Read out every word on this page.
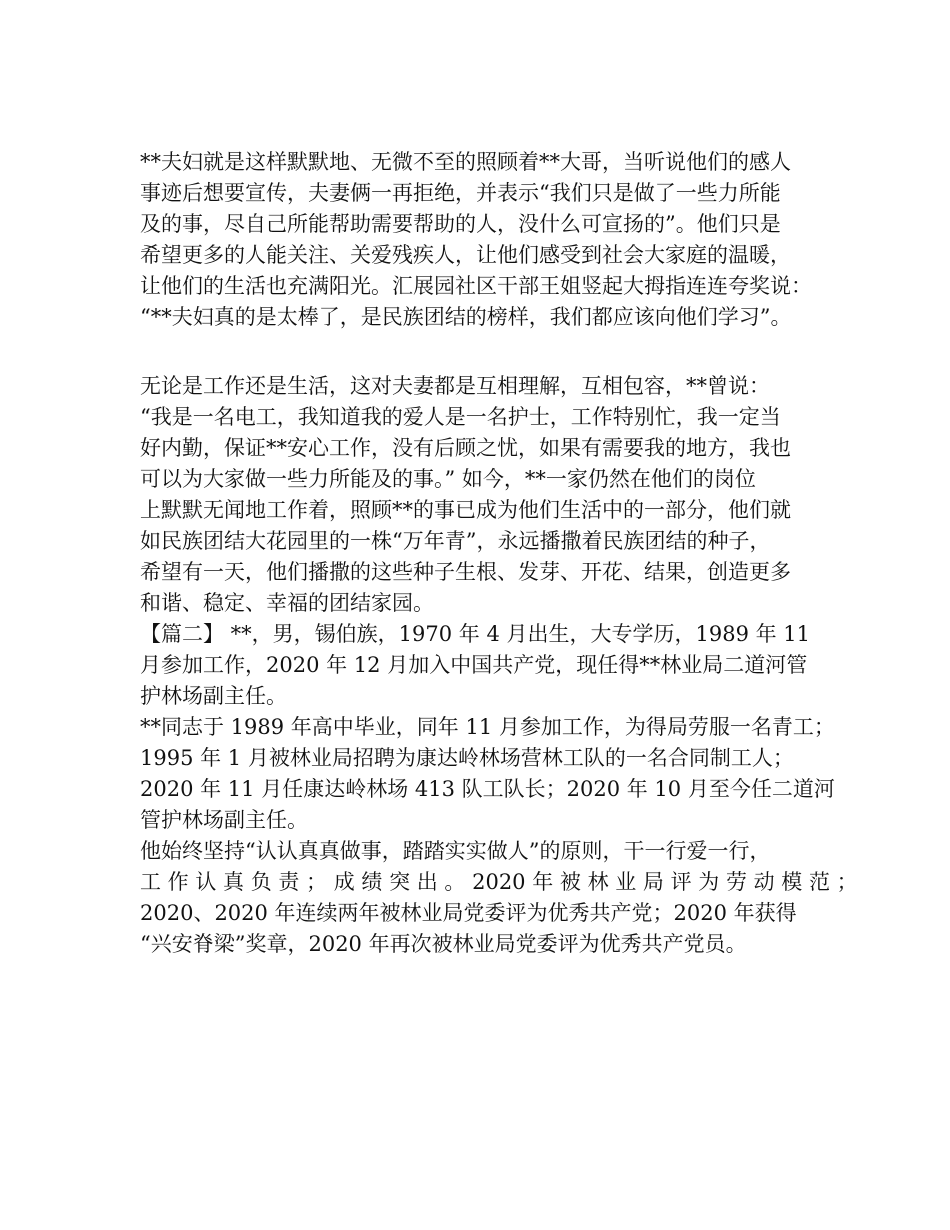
**夫妇就是这样默默地、无微不至的照顾着**大哥，当听说他们的感人
事迹后想要宣传，夫妻俩一再拒绝，并表示“我们只是做了一些力所能
及的事，尽自己所能帮助需要帮助的人，没什么可宣扬的”。他们只是
希望更多的人能关注、关爱残疾人，让他们感受到社会大家庭的温暖，
让他们的生活也充满阳光。汇展园社区干部王姐竖起大拇指连连夸奖说：
“**夫妇真的是太棒了，是民族团结的榜样，我们都应该向他们学习”。

无论是工作还是生活，这对夫妻都是互相理解，互相包容，**曾说：
“我是一名电工，我知道我的爱人是一名护士，工作特别忙，我一定当
好内勤，保证**安心工作，没有后顾之忧，如果有需要我的地方，我也
可以为大家做一些力所能及的事。” 如今，**一家仍然在他们的岗位
上默默无闻地工作着，照顾**的事已成为他们生活中的一部分，他们就
如民族团结大花园里的一株“万年青”，永远播撒着民族团结的种子，
希望有一天，他们播撒的这些种子生根、发芽、开花、结果，创造更多
和谐、稳定、幸福的团结家园。

【篇二】 **，男，锡伯族，1970 年 4 月出生，大专学历，1989 年 11
月参加工作，2020 年 12 月加入中国共产党，现任得**林业局二道河管
护林场副主任。

**同志于 1989 年高中毕业，同年 11 月参加工作，为得局劳服一名青工；
1995 年 1 月被林业局招聘为康达岭林场营林工队的一名合同制工人；
2020 年 11 月任康达岭林场 413 队工队长；2020 年 10 月至今任二道河
管护林场副主任。

他始终坚持“认认真真做事，踏踏实实做人”的原则，干一行爱一行，
工 作 认 真 负 责 ； 成 绩 突 出 。 2020 年 被 林 业 局 评 为 劳 动 模 范 ；
2020、2020 年连续两年被林业局党委评为优秀共产党；2020 年获得
“兴安脊梁”奖章，2020 年再次被林业局党委评为优秀共产党员。
